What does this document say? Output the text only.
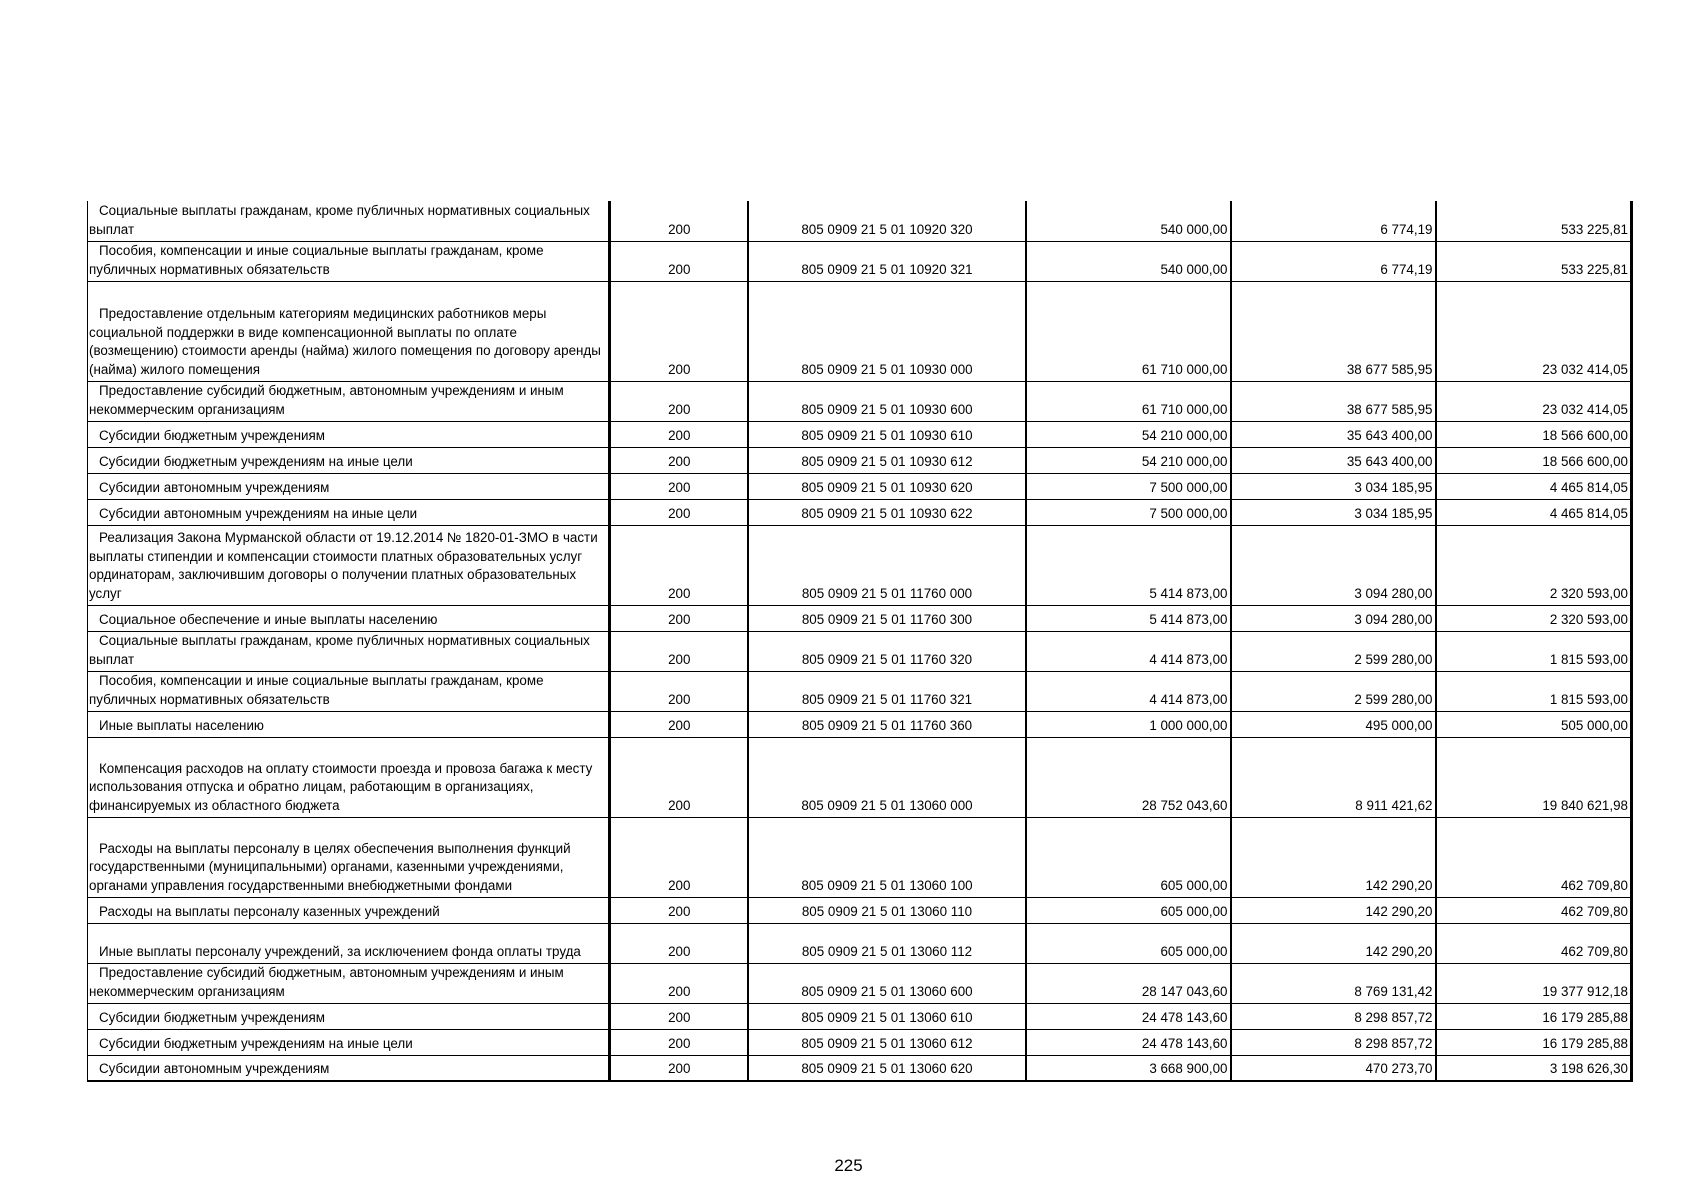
Социальные выплаты гражданам, кроме публичных нормативных социальных выплат	200	805 0909 21 5 01 10920 320	540 000,00	6 774,19	533 225,81
Пособия, компенсации и иные социальные выплаты гражданам, кроме публичных нормативных обязательств	200	805 0909 21 5 01 10920 321	540 000,00	6 774,19	533 225,81
Предоставление отдельным категориям медицинских работников меры социальной поддержки в виде компенсационной выплаты по оплате (возмещению) стоимости аренды (найма) жилого помещения по договору аренды (найма) жилого помещения	200	805 0909 21 5 01 10930 000	61 710 000,00	38 677 585,95	23 032 414,05
Предоставление субсидий бюджетным, автономным учреждениям и иным некоммерческим организациям	200	805 0909 21 5 01 10930 600	61 710 000,00	38 677 585,95	23 032 414,05
Субсидии бюджетным учреждениям	200	805 0909 21 5 01 10930 610	54 210 000,00	35 643 400,00	18 566 600,00
Субсидии бюджетным учреждениям на иные цели	200	805 0909 21 5 01 10930 612	54 210 000,00	35 643 400,00	18 566 600,00
Субсидии автономным учреждениям	200	805 0909 21 5 01 10930 620	7 500 000,00	3 034 185,95	4 465 814,05
Субсидии автономным учреждениям на иные цели	200	805 0909 21 5 01 10930 622	7 500 000,00	3 034 185,95	4 465 814,05
Реализация Закона Мурманской области от 19.12.2014 № 1820-01-ЗМО в части выплаты стипендии и компенсации стоимости платных образовательных услуг ординаторам, заключившим договоры о получении платных образовательных услуг	200	805 0909 21 5 01 11760 000	5 414 873,00	3 094 280,00	2 320 593,00
Социальное обеспечение и иные выплаты населению	200	805 0909 21 5 01 11760 300	5 414 873,00	3 094 280,00	2 320 593,00
Социальные выплаты гражданам, кроме публичных нормативных социальных выплат	200	805 0909 21 5 01 11760 320	4 414 873,00	2 599 280,00	1 815 593,00
Пособия, компенсации и иные социальные выплаты гражданам, кроме публичных нормативных обязательств	200	805 0909 21 5 01 11760 321	4 414 873,00	2 599 280,00	1 815 593,00
Иные выплаты населению	200	805 0909 21 5 01 11760 360	1 000 000,00	495 000,00	505 000,00
Компенсация расходов на оплату стоимости проезда и провоза багажа к месту использования отпуска и обратно лицам, работающим в организациях, финансируемых из областного бюджета	200	805 0909 21 5 01 13060 000	28 752 043,60	8 911 421,62	19 840 621,98
Расходы на выплаты персоналу в целях обеспечения выполнения функций государственными (муниципальными) органами, казенными учреждениями, органами управления государственными внебюджетными фондами	200	805 0909 21 5 01 13060 100	605 000,00	142 290,20	462 709,80
Расходы на выплаты персоналу казенных учреждений	200	805 0909 21 5 01 13060 110	605 000,00	142 290,20	462 709,80
Иные выплаты персоналу учреждений, за исключением фонда оплаты труда	200	805 0909 21 5 01 13060 112	605 000,00	142 290,20	462 709,80
Предоставление субсидий бюджетным, автономным учреждениям и иным некоммерческим организациям	200	805 0909 21 5 01 13060 600	28 147 043,60	8 769 131,42	19 377 912,18
Субсидии бюджетным учреждениям	200	805 0909 21 5 01 13060 610	24 478 143,60	8 298 857,72	16 179 285,88
Субсидии бюджетным учреждениям на иные цели	200	805 0909 21 5 01 13060 612	24 478 143,60	8 298 857,72	16 179 285,88
Субсидии автономным учреждениям	200	805 0909 21 5 01 13060 620	3 668 900,00	470 273,70	3 198 626,30
225
